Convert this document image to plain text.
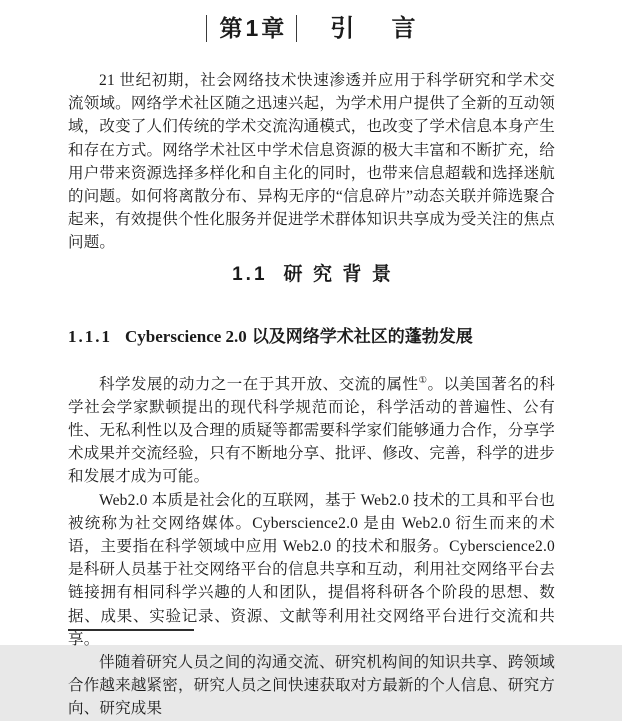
第1章	引言

21 世纪初期，社会网络技术快速渗透并应用于科学研究和学术交流领域。网络学术社区随之迅速兴起，为学术用户提供了全新的互动领域，改变了人们传统的学术交流沟通模式，也改变了学术信息本身产生和存在方式。网络学术社区中学术信息资源的极大丰富和不断扩充，给用户带来资源选择多样化和自主化的同时，也带来信息超载和选择迷航的问题。如何将离散分布、异构无序的“信息碎片”动态关联并筛选聚合起来，有效提供个性化服务并促进学术群体知识共享成为受关注的焦点问题。

1.1 研究背景
1.1.1 Cyberscience 2.0 以及网络学术社区的蓬勃发展

科学发展的动力之一在于其开放、交流的属性①。以美国著名的科学社会学家默顿提出的现代科学规范而论，科学活动的普遍性、公有性、无私利性以及合理的质疑等都需要科学家们能够通力合作，分享学术成果并交流经验，只有不断地分享、批评、修改、完善，科学的进步和发展才成为可能。

Web2.0 本质是社会化的互联网，基于 Web2.0 技术的工具和平台也被统称为社交网络媒体。Cyberscience2.0 是由 Web2.0 衍生而来的术语，主要指在科学领域中应用 Web2.0 的技术和服务。Cyberscience2.0 是科研人员基于社交网络平台的信息共享和互动，利用社交网络平台去链接拥有相同科学兴趣的人和团队，提倡将科研各个阶段的思想、数据、成果、实验记录、资源、文献等利用社交网络平台进行交流和共享。

伴随着研究人员之间的沟通交流、研究机构间的知识共享、跨领域合作越来越紧密，研究人员之间快速获取对方最新的个人信息、研究方向、研究成果
